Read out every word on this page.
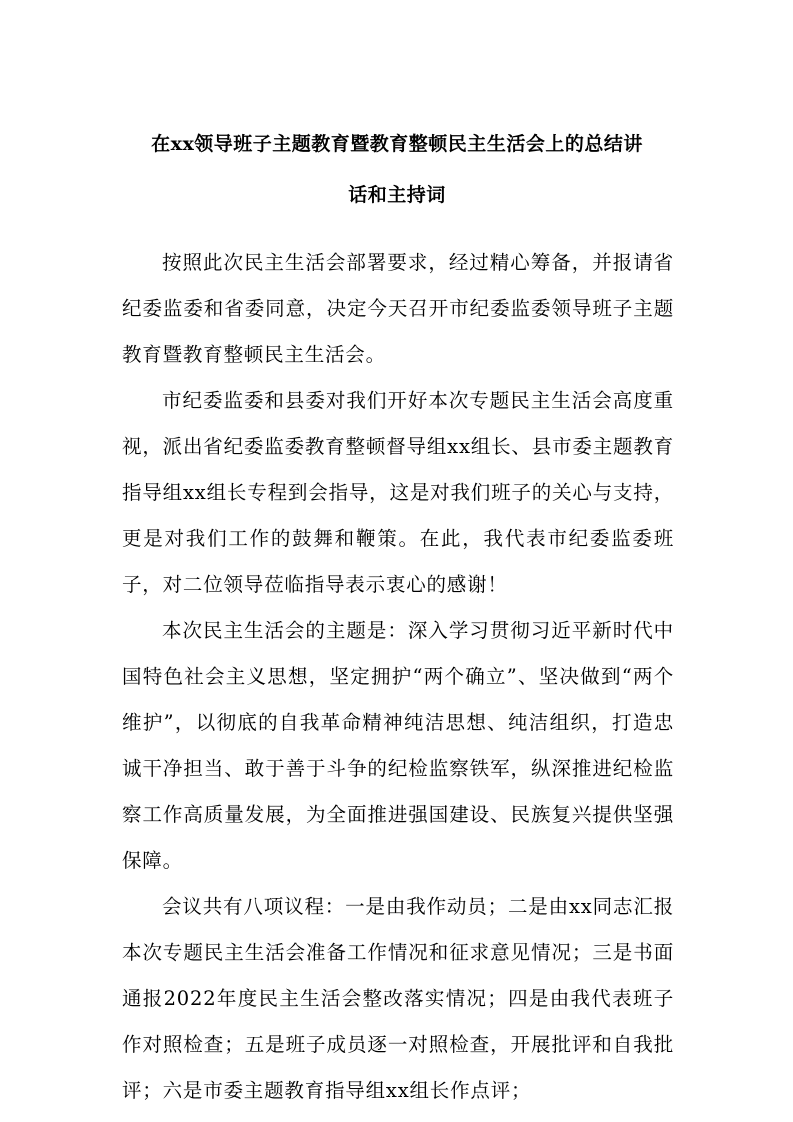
在xx领导班子主题教育暨教育整顿民主生活会上的总结讲
话和主持词

按照此次民主生活会部署要求，经过精心筹备，并报请省纪委监委和省委同意，决定今天召开市纪委监委领导班子主题教育暨教育整顿民主生活会。

市纪委监委和县委对我们开好本次专题民主生活会高度重视，派出省纪委监委教育整顿督导组xx组长、县市委主题教育指导组xx组长专程到会指导，这是对我们班子的关心与支持，更是对我们工作的鼓舞和鞭策。在此，我代表市纪委监委班子，对二位领导莅临指导表示衷心的感谢！

本次民主生活会的主题是：深入学习贯彻习近平新时代中国特色社会主义思想，坚定拥护“两个确立”、坚决做到“两个维护”，以彻底的自我革命精神纯洁思想、纯洁组织，打造忠诚干净担当、敢于善于斗争的纪检监察铁军，纵深推进纪检监察工作高质量发展，为全面推进强国建设、民族复兴提供坚强保障。

会议共有八项议程：一是由我作动员；二是由xx同志汇报本次专题民主生活会准备工作情况和征求意见情况；三是书面通报2022年度民主生活会整改落实情况；四是由我代表班子作对照检查；五是班子成员逐一对照检查，开展批评和自我批评；六是市委主题教育指导组xx组长作点评；
